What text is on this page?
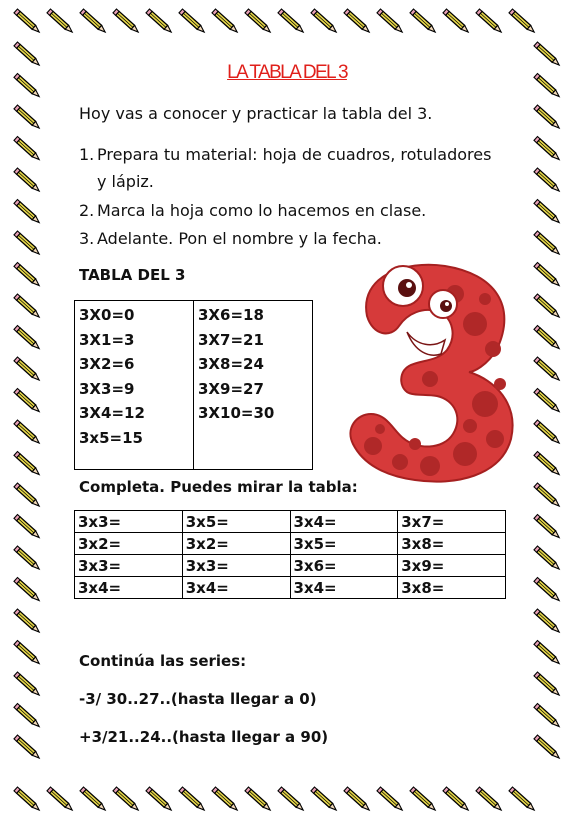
LA TABLA DEL 3
Hoy vas a conocer y practicar la tabla del 3.
1. Prepara tu material: hoja de cuadros, rotuladores
y lápiz.
2. Marca la hoja como lo hacemos en clase.
3. Adelante. Pon el nombre y la fecha.
TABLA DEL 3
3X0=0
3X1=3
3X2=6
3X3=9
3X4=12
3x5=15

3X6=18
3X7=21
3X8=24
3X9=27
3X10=30
Completa. Puedes mirar la tabla:
3x3=	3x5=	3x4=	3x7=
3x2=	3x2=	3x5=	3x8=
3x3=	3x3=	3x6=	3x9=
3x4=	3x4=	3x4=	3x8=
Continúa las series:
-3/ 30..27..(hasta llegar a 0)
+3/21..24..(hasta llegar a 90)
